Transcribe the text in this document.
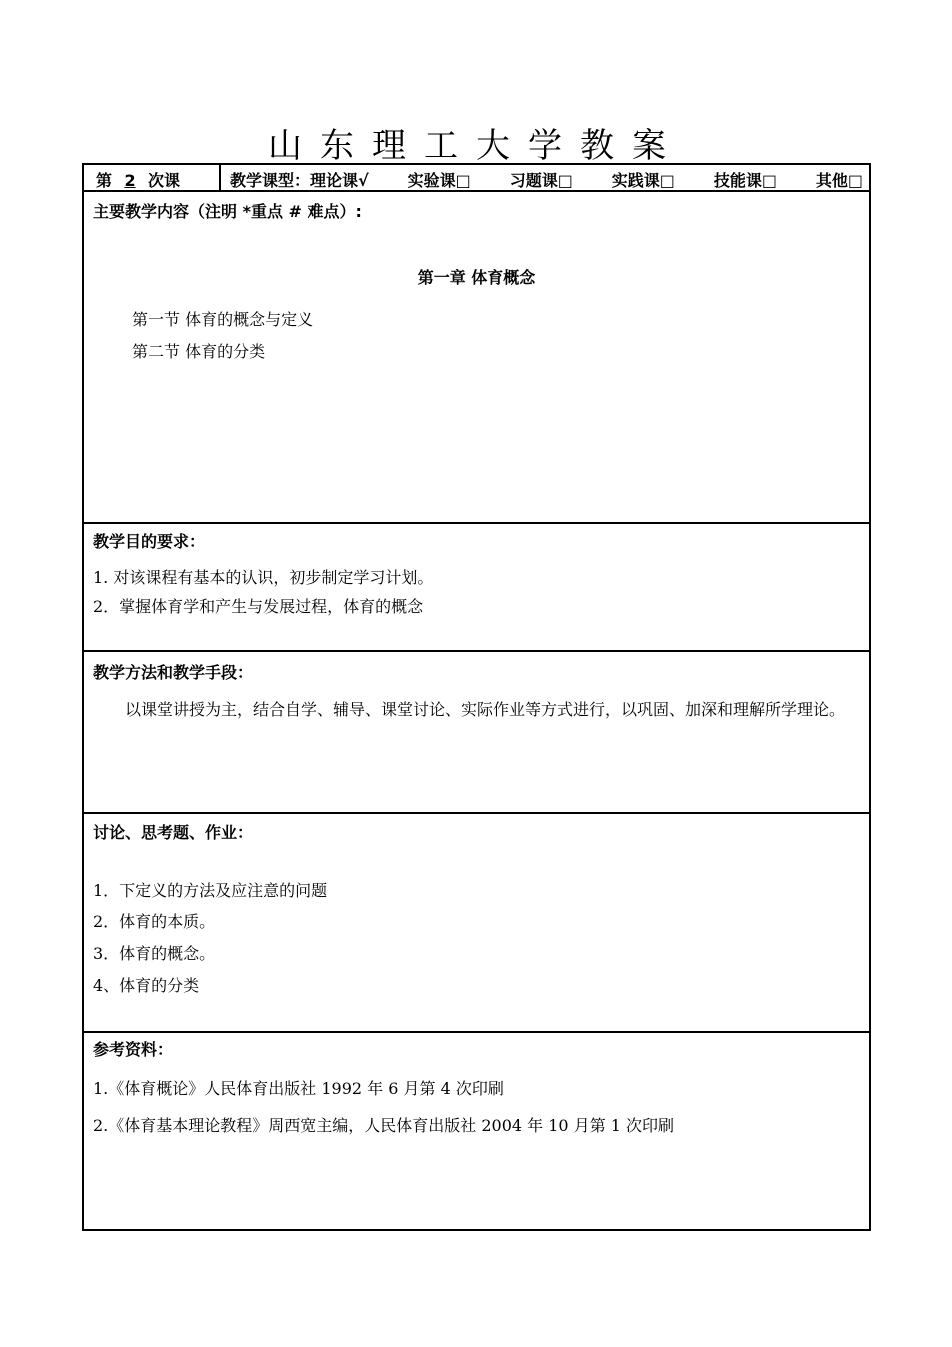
山东理工大学教案
第 2 次课	教学课型：理论课√ 实验课□ 习题课□ 实践课□ 技能课□ 其他□
主要教学内容（注明 *重点 # 难点）:
第一章 体育概念
第一节 体育的概念与定义
第二节 体育的分类
教学目的要求：
1. 对该课程有基本的认识，初步制定学习计划。
2．掌握体育学和产生与发展过程，体育的概念
教学方法和教学手段：
以课堂讲授为主，结合自学、辅导、课堂讨论、实际作业等方式进行，以巩固、加深和理解所学理论。
讨论、思考题、作业：
1．下定义的方法及应注意的问题
2．体育的本质。
3．体育的概念。
4、体育的分类
参考资料：
1.《体育概论》人民体育出版社 1992 年 6 月第 4 次印刷
2.《体育基本理论教程》周西宽主编，人民体育出版社 2004 年 10 月第 1 次印刷
